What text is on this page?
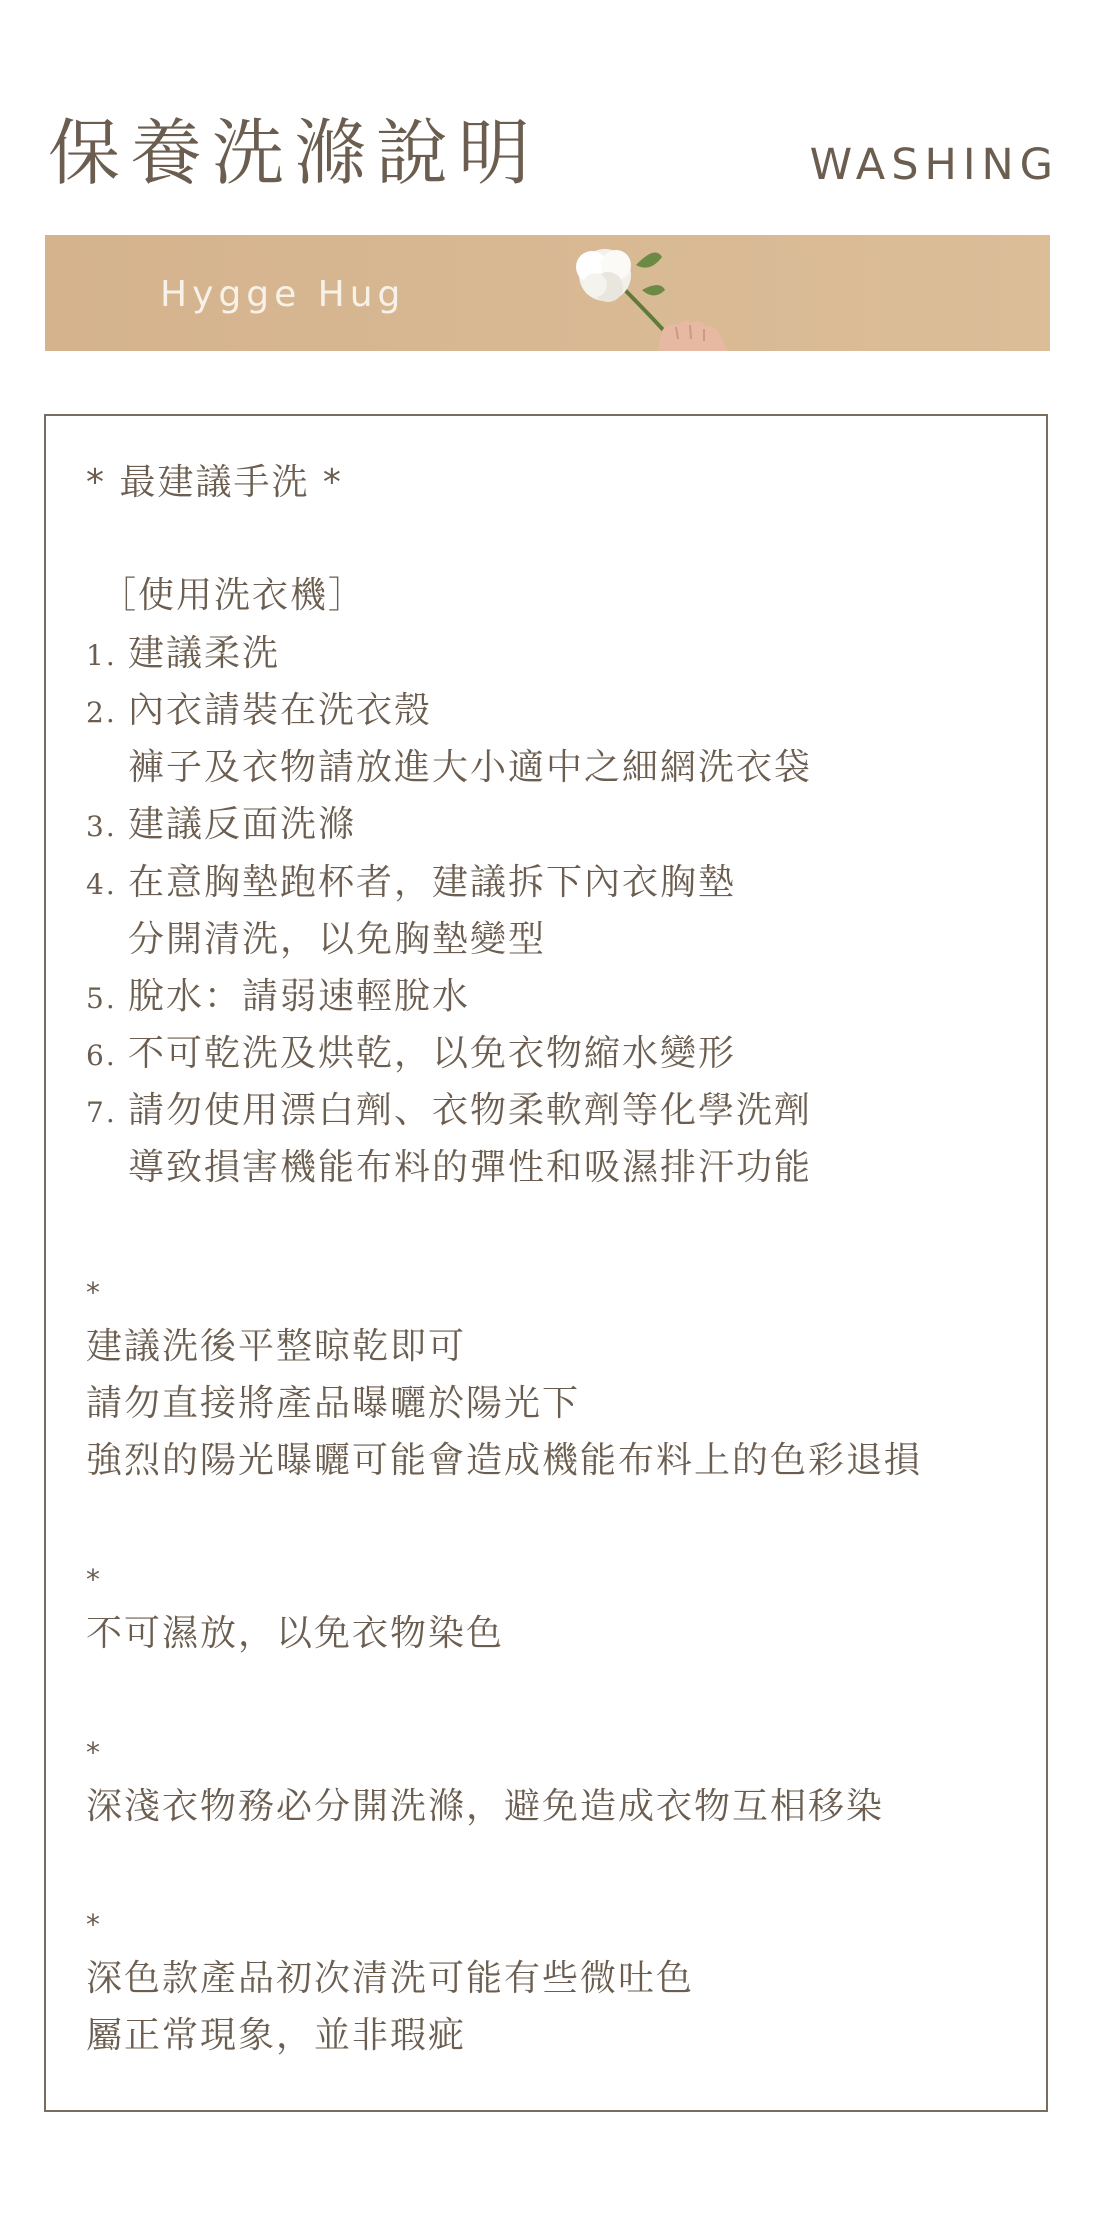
保養洗滌說明	WASHING
Hygge Hug
* 最建議手洗 *
［使用洗衣機］
1. 建議柔洗
2. 內衣請裝在洗衣殼
褲子及衣物請放進大小適中之細網洗衣袋
3. 建議反面洗滌
4. 在意胸墊跑杯者，建議拆下內衣胸墊
分開清洗，以免胸墊變型
5. 脫水：請弱速輕脫水
6. 不可乾洗及烘乾，以免衣物縮水變形
7. 請勿使用漂白劑、衣物柔軟劑等化學洗劑
導致損害機能布料的彈性和吸濕排汗功能
*
建議洗後平整晾乾即可
請勿直接將產品曝曬於陽光下
強烈的陽光曝曬可能會造成機能布料上的色彩退損
*
不可濕放，以免衣物染色
*
深淺衣物務必分開洗滌，避免造成衣物互相移染
*
深色款產品初次清洗可能有些微吐色
屬正常現象，並非瑕疵
